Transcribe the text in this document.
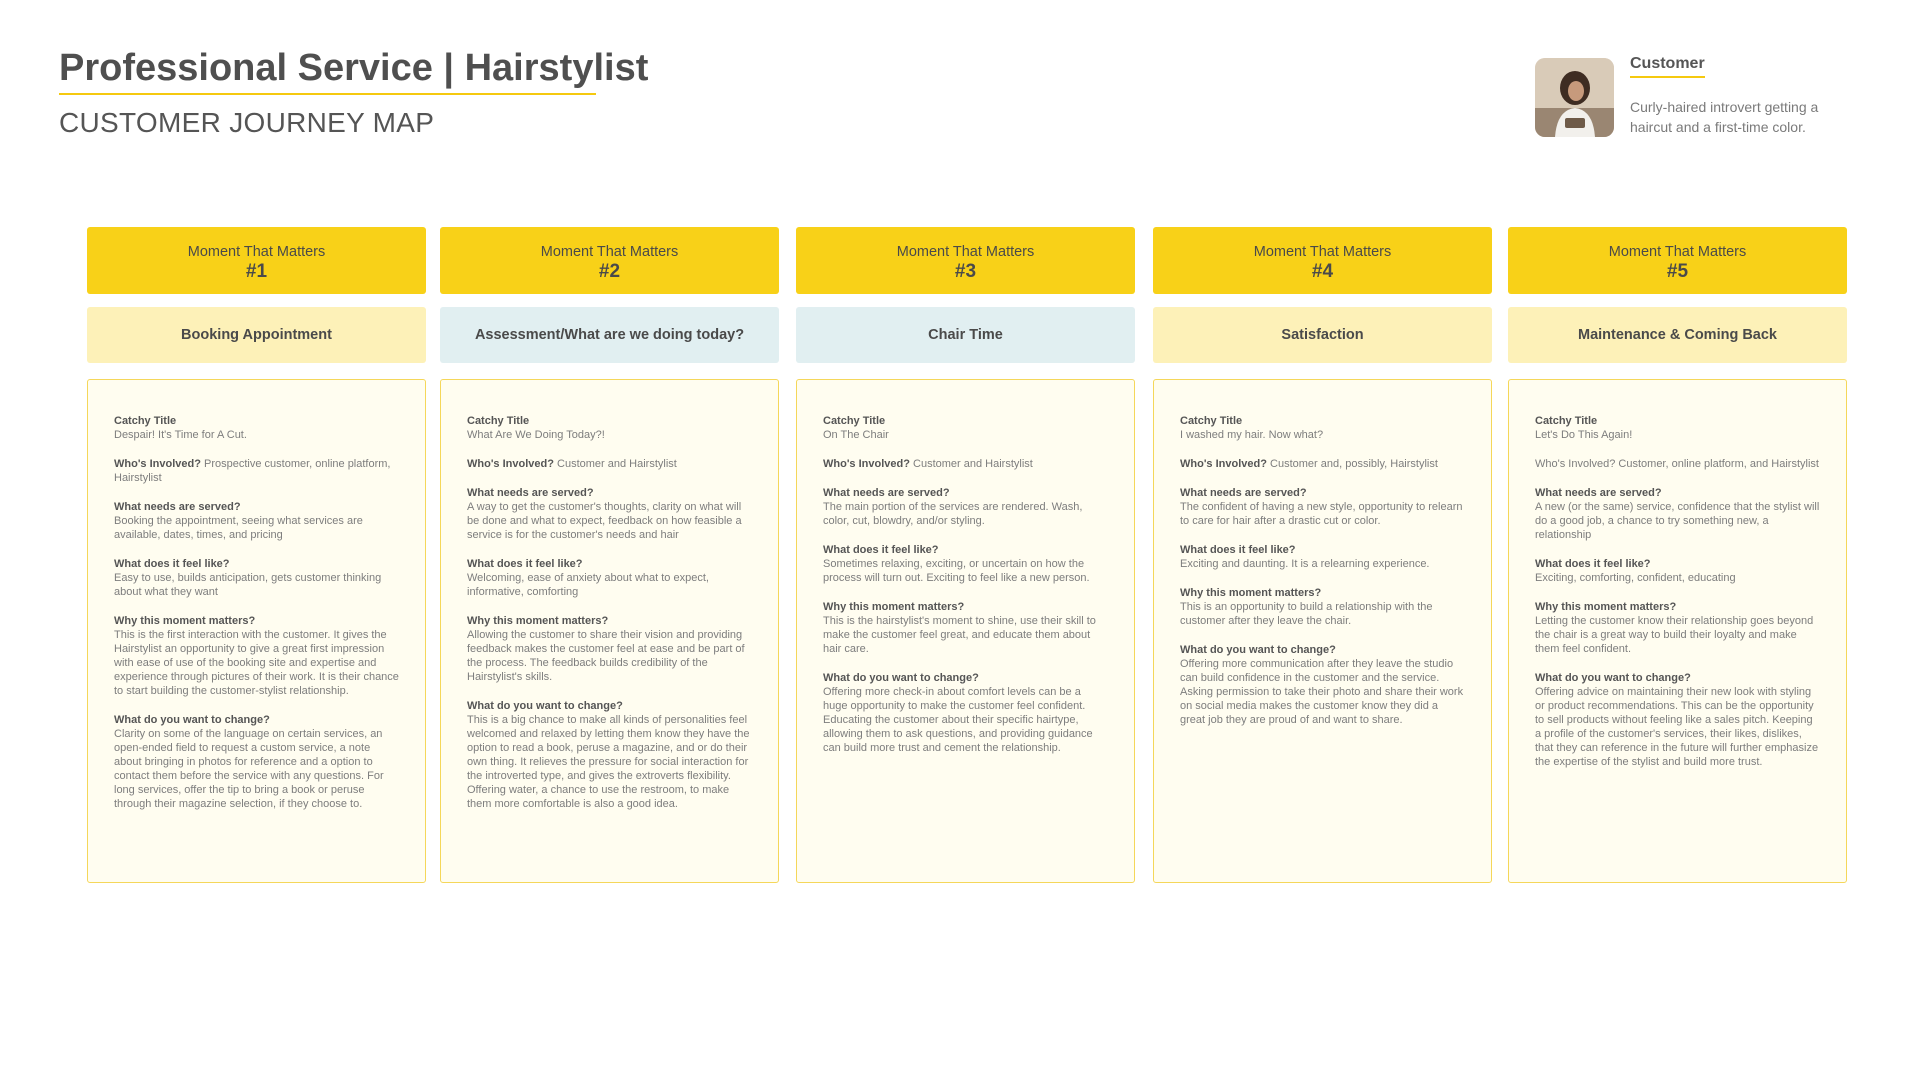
Professional Service | Hairstylist
CUSTOMER JOURNEY MAP
Customer
Curly-haired introvert getting a haircut and a first-time color.
Moment That Matters
#1
Booking Appointment
Catchy Title
Despair! It's Time for A Cut.
Who's Involved? Prospective customer, online platform, Hairstylist
What needs are served?
Booking the appointment, seeing what services are available, dates, times, and pricing
What does it feel like?
Easy to use, builds anticipation, gets customer thinking about what they want
Why this moment matters?
This is the first interaction with the customer. It gives the Hairstylist an opportunity to give a great first impression with ease of use of the booking site and expertise and experience through pictures of their work. It is their chance to start building the customer-stylist relationship.
What do you want to change?
Clarity on some of the language on certain services, an open-ended field to request a custom service, a note about bringing in photos for reference and a option to contact them before the service with any questions. For long services, offer the tip to bring a book or peruse through their magazine selection, if they choose to.
Moment That Matters
#2
Assessment/What are we doing today?
Catchy Title
What Are We Doing Today?!
Who's Involved? Customer and Hairstylist
What needs are served?
A way to get the customer's thoughts, clarity on what will be done and what to expect, feedback on how feasible a service is for the customer's needs and hair
What does it feel like?
Welcoming, ease of anxiety about what to expect, informative, comforting
Why this moment matters?
Allowing the customer to share their vision and providing feedback makes the customer feel at ease and be part of the process. The feedback builds credibility of the Hairstylist's skills.
What do you want to change?
This is a big chance to make all kinds of personalities feel welcomed and relaxed by letting them know they have the option to read a book, peruse a magazine, and or do their own thing. It relieves the pressure for social interaction for the introverted type, and gives the extroverts flexibility. Offering water, a chance to use the restroom, to make them more comfortable is also a good idea.
Moment That Matters
#3
Chair Time
Catchy Title
On The Chair
Who's Involved? Customer and Hairstylist
What needs are served?
The main portion of the services are rendered. Wash, color, cut, blowdry, and/or styling.
What does it feel like?
Sometimes relaxing, exciting, or uncertain on how the process will turn out. Exciting to feel like a new person.
Why this moment matters?
This is the hairstylist's moment to shine, use their skill to make the customer feel great, and educate them about hair care.
What do you want to change?
Offering more check-in about comfort levels can be a huge opportunity to make the customer feel confident. Educating the customer about their specific hairtype, allowing them to ask questions, and providing guidance can build more trust and cement the relationship.
Moment That Matters
#4
Satisfaction
Catchy Title
I washed my hair. Now what?
Who's Involved? Customer and, possibly, Hairstylist
What needs are served?
The confident of having a new style, opportunity to relearn to care for hair after a drastic cut or color.
What does it feel like?
Exciting and daunting. It is a relearning experience.
Why this moment matters?
This is an opportunity to build a relationship with the customer after they leave the chair.
What do you want to change?
Offering more communication after they leave the studio can build confidence in the customer and the service. Asking permission to take their photo and share their work on social media makes the customer know they did a great job they are proud of and want to share.
Moment That Matters
#5
Maintenance & Coming Back
Catchy Title
Let's Do This Again!
Who's Involved? Customer, online platform, and Hairstylist
What needs are served?
A new (or the same) service, confidence that the stylist will do a good job, a chance to try something new, a relationship
What does it feel like?
Exciting, comforting, confident, educating
Why this moment matters?
Letting the customer know their relationship goes beyond the chair is a great way to build their loyalty and make them feel confident.
What do you want to change?
Offering advice on maintaining their new look with styling or product recommendations. This can be the opportunity to sell products without feeling like a sales pitch. Keeping a profile of the customer's services, their likes, dislikes, that they can reference in the future will further emphasize the expertise of the stylist and build more trust.
